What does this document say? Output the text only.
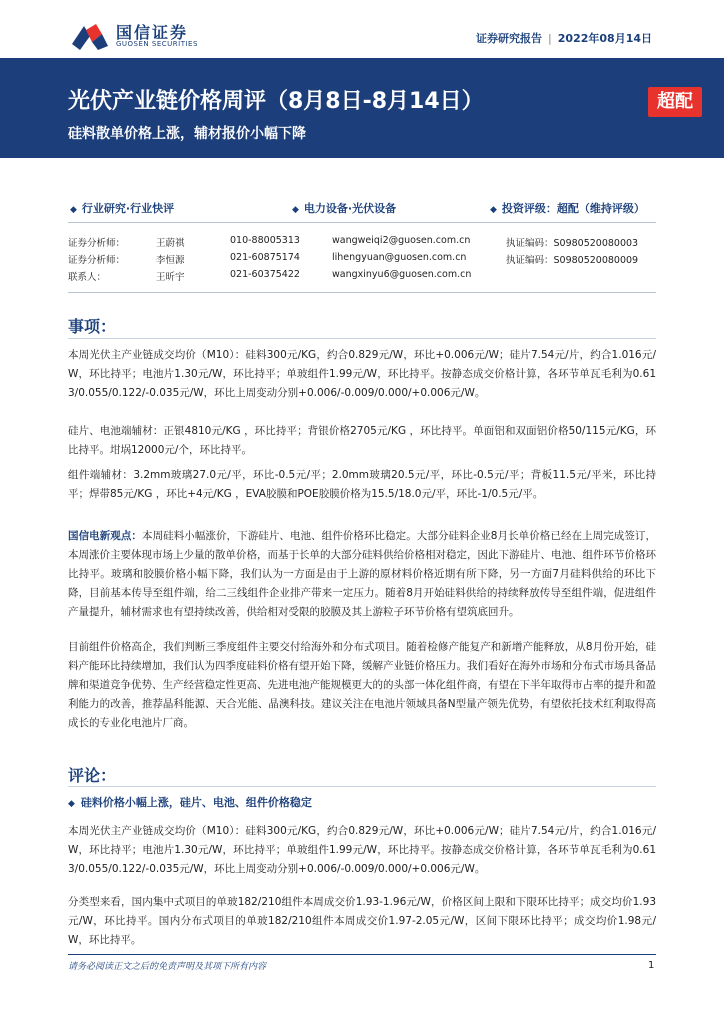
国信证券
GUOSEN SECURITIES	证券研究报告 | 2022年08月14日
光伏产业链价格周评（8月8日-8月14日）
硅料散单价格上涨，辅材报价小幅下降
超配
◆ 行业研究·行业快评	◆ 电力设备·光伏设备	◆ 投资评级：超配（维持评级）
证券分析师：	王蔚祺	010-88005313	wangweiqi2@guosen.com.cn	执证编码：S0980520080003
证券分析师：	李恒源	021-60875174	lihengyuan@guosen.com.cn	执证编码：S0980520080009
联系人：	王昕宇	021-60375422	wangxinyu6@guosen.com.cn
事项：
本周光伏主产业链成交均价（M10）：硅料300元/KG，约合0.829元/W，环比+0.006元/W；硅片7.54元/片，约合1.016元/W，环比持平；电池片1.30元/W，环比持平；单玻组件1.99元/W，环比持平。按静态成交价格计算，各环节单瓦毛利为0.613/0.055/0.122/-0.035元/W，环比上周变动分别+0.006/-0.009/0.000/+0.006元/W。
硅片、电池端辅材：正银4810元/KG ，环比持平；背银价格2705元/KG ，环比持平。单面铝和双面铝价格50/115元/KG，环比持平。坩埚12000元/个，环比持平。
组件端辅材：3.2mm玻璃27.0元/平，环比-0.5元/平；2.0mm玻璃20.5元/平，环比-0.5元/平；背板11.5元/平米，环比持平；焊带85元/KG ，环比+4元/KG ，EVA胶膜和POE胶膜价格为15.5/18.0元/平，环比-1/0.5元/平。
国信电新观点：本周硅料小幅涨价，下游硅片、电池、组件价格环比稳定。大部分硅料企业8月长单价格已经在上周完成签订，本周涨价主要体现市场上少量的散单价格，而基于长单的大部分硅料供给价格相对稳定，因此下游硅片、电池、组件环节价格环比持平。玻璃和胶膜价格小幅下降，我们认为一方面是由于上游的原材料价格近期有所下降，另一方面7月硅料供给的环比下降，目前基本传导至组件端，给二三线组件企业排产带来一定压力。随着8月开始硅料供给的持续释放传导至组件端，促进组件产量提升，辅材需求也有望持续改善，供给相对受限的胶膜及其上游粒子环节价格有望筑底回升。
目前组件价格高企，我们判断三季度组件主要交付给海外和分布式项目。随着检修产能复产和新增产能释放，从8月份开始，硅料产能环比持续增加，我们认为四季度硅料价格有望开始下降，缓解产业链价格压力。我们看好在海外市场和分布式市场具备品牌和渠道竞争优势、生产经营稳定性更高、先进电池产能规模更大的的头部一体化组件商，有望在下半年取得市占率的提升和盈利能力的改善，推荐晶科能源、天合光能、晶澳科技。建议关注在电池片领域具备N型量产领先优势，有望依托技术红利取得高成长的专业化电池片厂商。
评论：
◆ 硅料价格小幅上涨，硅片、电池、组件价格稳定
本周光伏主产业链成交均价（M10）：硅料300元/KG，约合0.829元/W，环比+0.006元/W；硅片7.54元/片，约合1.016元/W，环比持平；电池片1.30元/W，环比持平；单玻组件1.99元/W，环比持平。按静态成交价格计算，各环节单瓦毛利为0.613/0.055/0.122/-0.035元/W，环比上周变动分别+0.006/-0.009/0.000/+0.006元/W。
分类型来看，国内集中式项目的单玻182/210组件本周成交价1.93-1.96元/W，价格区间上限和下限环比持平；成交均价1.93元/W，环比持平。国内分布式项目的单玻182/210组件本周成交价1.97-2.05元/W，区间下限环比持平；成交均价1.98元/W，环比持平。
请务必阅读正文之后的免责声明及其项下所有内容	1
